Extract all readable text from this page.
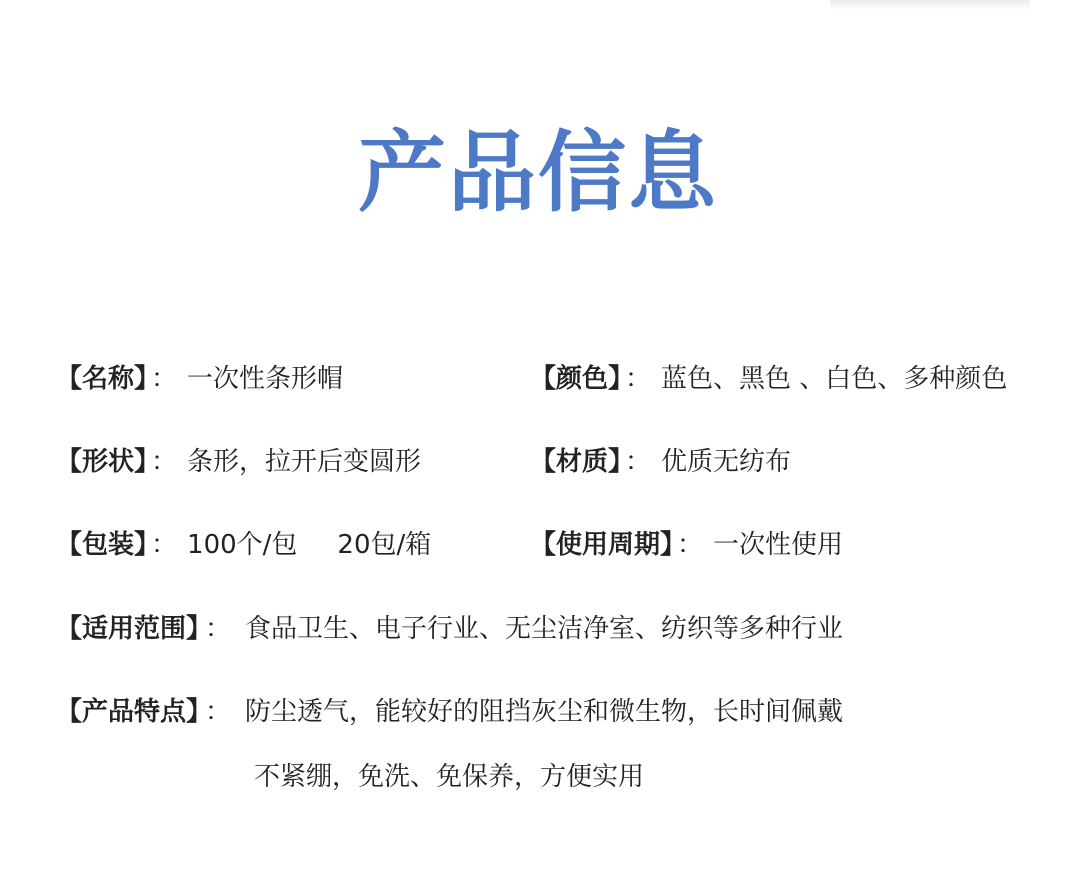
产品信息
【名称】 ： 一次性条形帽	【颜色】 ： 蓝色、黑色 、白色、多种颜色
【形状】 ： 条形，拉开后变圆形	【材质】 ： 优质无纺布
【包装】 ： 100个/包 20包/箱	【使用周期】 ： 一次性使用
【适用范围】 ： 食品卫生、电子行业、无尘洁净室、纺织等多种行业
【产品特点】 ： 防尘透气，能较好的阻挡灰尘和微生物，长时间佩戴
不紧绷，免洗、免保养，方便实用
